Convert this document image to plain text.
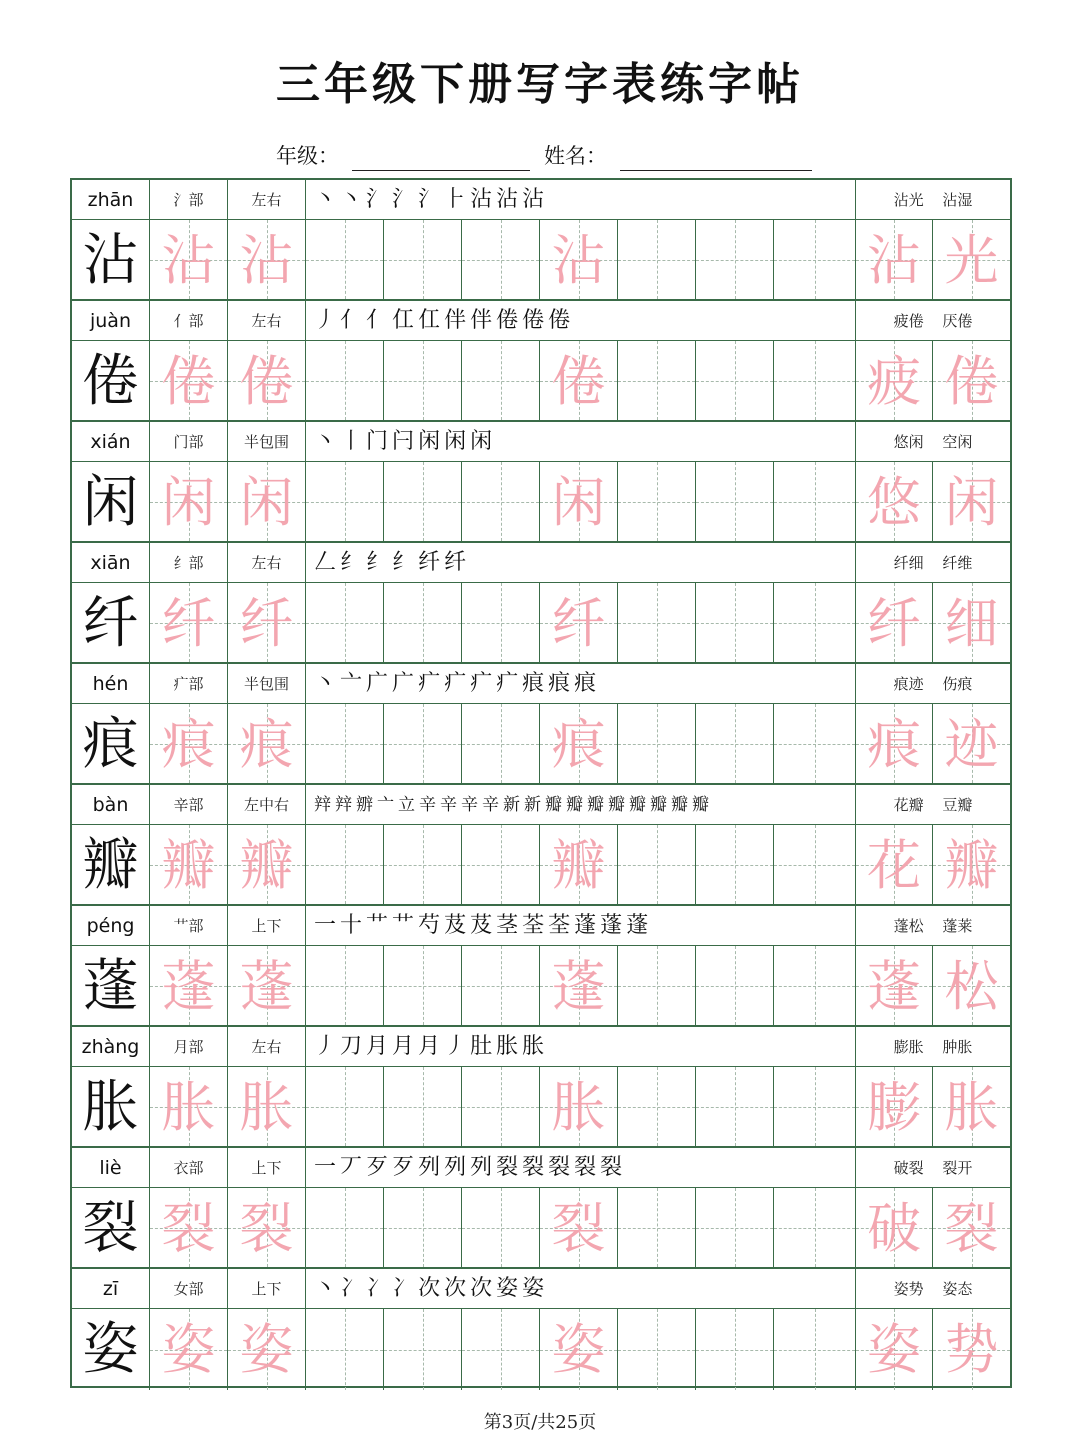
三年级下册写字表练字帖
年级：	姓名：
zhān	氵部	左右	丶丶氵氵氵⺊沾沾沾	沾光 沾湿
沾 沾 沾	沾	沾 光
juàn	亻部	左右	丿亻亻仜仜伴伴倦倦倦	疲倦 厌倦
倦 倦 倦	倦	疲 倦
xián	门部	半包围	丶丨门闩闲闲闲	悠闲 空闲
闲 闲 闲	闲	悠 闲
xiān	纟部	左右	𠃋纟纟纟纤纤	纤细 纤维
纤 纤 纤	纤	纤 细
hén	疒部	半包围	丶亠广广疒疒疒疒痕痕痕	痕迹 伤痕
痕 痕 痕	痕	痕 迹
bàn	辛部	左中右	辡辡辧亠立辛辛辛辛新新瓣瓣瓣瓣瓣瓣瓣瓣	花瓣 豆瓣
瓣 瓣 瓣	瓣	花 瓣
péng	艹部	上下	一十艹艹芍芨芨茎荃荃蓬蓬蓬	蓬松 蓬莱
蓬 蓬 蓬	蓬	蓬 松
zhàng	月部	左右	丿刀月月月丿肚胀胀	膨胀 肿胀
胀 胀 胀	胀	膨 胀
liè	衣部	上下	一丆歹歹列列列裂裂裂裂裂	破裂 裂开
裂 裂 裂	裂	破 裂
zī	女部	上下	丶冫冫冫次次次姿姿	姿势 姿态
姿 姿 姿	姿	姿 势
第3页/共25页
